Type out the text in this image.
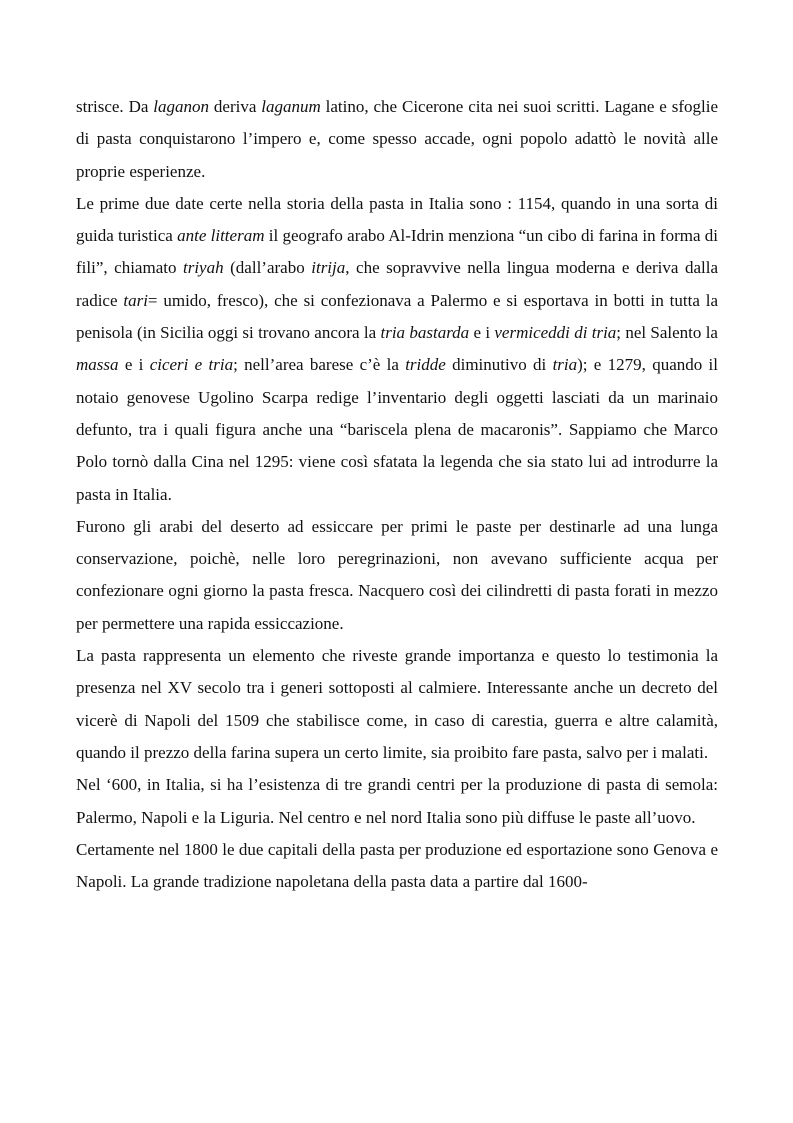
strisce. Da laganon deriva laganum latino, che Cicerone cita nei suoi scritti. Lagane e sfoglie di pasta conquistarono l’impero e, come spesso accade, ogni popolo adattò le novità alle proprie esperienze.

Le prime due date certe nella storia della pasta in Italia sono : 1154, quando in una sorta di guida turistica ante litteram il geografo arabo Al-Idrin menziona “un cibo di farina in forma di fili”, chiamato triyah (dall’arabo itrija, che sopravvive nella lingua moderna e deriva dalla radice tari= umido, fresco), che si confezionava a Palermo e si esportava in botti in tutta la penisola (in Sicilia oggi si trovano ancora la tria bastarda e i vermiceddi di tria; nel Salento la massa e i ciceri e tria; nell’area barese c’è la tridde diminutivo di tria); e 1279, quando il notaio genovese Ugolino Scarpa redige l’inventario degli oggetti lasciati da un marinaio defunto, tra i quali figura anche una “bariscela plena de macaronis”. Sappiamo che Marco Polo tornò dalla Cina nel 1295: viene così sfatata la legenda che sia stato lui ad introdurre la pasta in Italia.

Furono gli arabi del deserto ad essiccare per primi le paste per destinarle ad una lunga conservazione, poichè, nelle loro peregrinazioni, non avevano sufficiente acqua per confezionare ogni giorno la pasta fresca. Nacquero così dei cilindretti di pasta forati in mezzo per permettere una rapida essiccazione.

La pasta rappresenta un elemento che riveste grande importanza e questo lo testimonia la presenza nel XV secolo tra i generi sottoposti al calmiere. Interessante anche un decreto del vicerè di Napoli del 1509 che stabilisce come, in caso di carestia, guerra e altre calamità, quando il prezzo della farina supera un certo limite, sia proibito fare pasta, salvo per i malati.

Nel ‘600, in Italia, si ha l’esistenza di tre grandi centri per la produzione di pasta di semola: Palermo, Napoli e la Liguria. Nel centro e nel nord Italia sono più diffuse le paste all’uovo.

Certamente nel 1800 le due capitali della pasta per produzione ed esportazione sono Genova e Napoli. La grande tradizione napoletana della pasta data a partire dal 1600-
